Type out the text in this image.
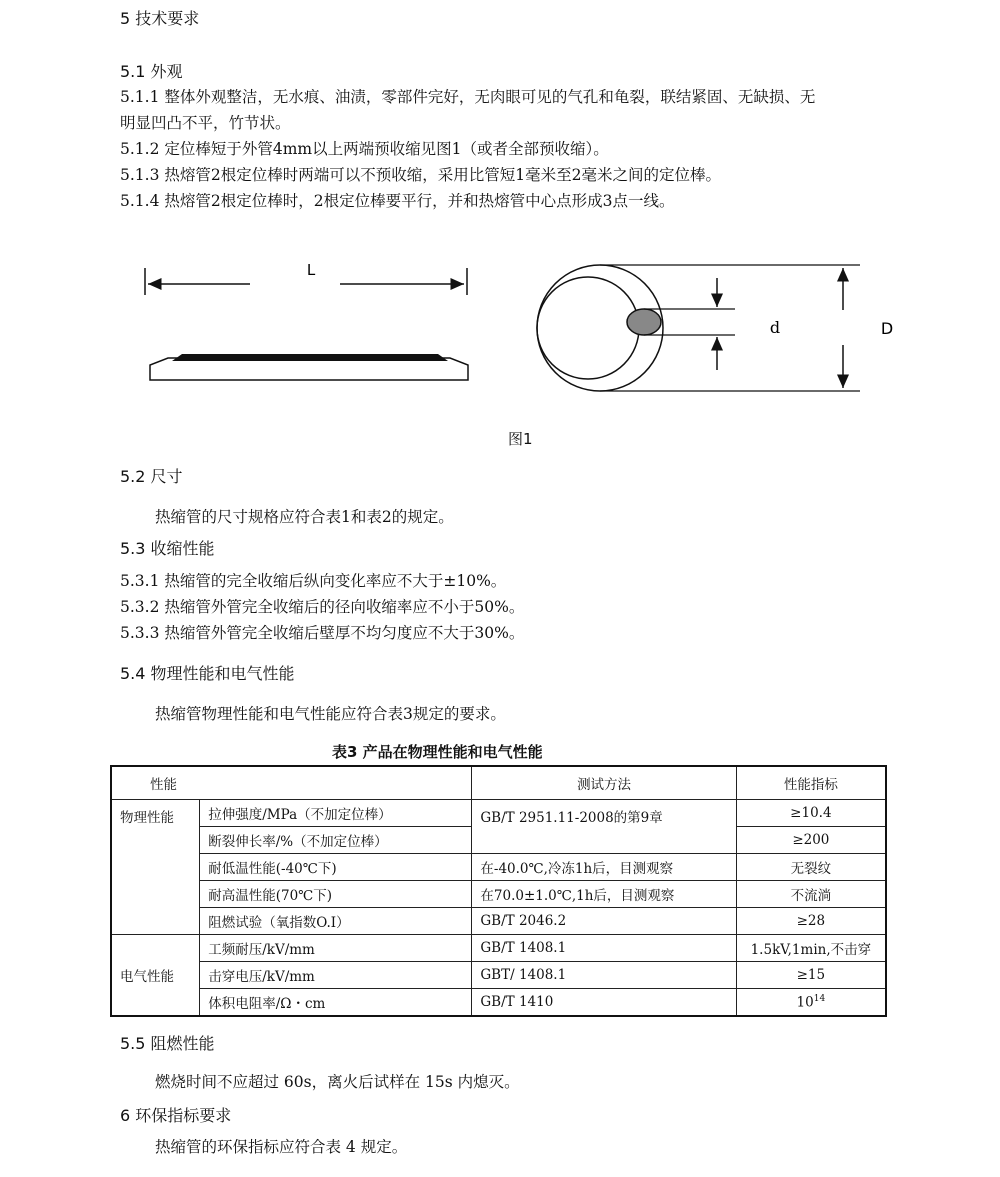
5 技术要求
5.1 外观
5.1.1 整体外观整洁，无水痕、油渍，零部件完好，无肉眼可见的气孔和龟裂，联结紧固、无缺损、无
明显凹凸不平，竹节状。
5.1.2 定位棒短于外管4mm以上两端预收缩见图1（或者全部预收缩）。
5.1.3 热熔管2根定位棒时两端可以不预收缩，采用比管短1毫米至2毫米之间的定位棒。
5.1.4 热熔管2根定位棒时，2根定位棒要平行，并和热熔管中心点形成3点一线。
L
d	D
图1
5.2 尺寸
热缩管的尺寸规格应符合表1和表2的规定。
5.3 收缩性能
5.3.1 热缩管的完全收缩后纵向变化率应不大于±10%。
5.3.2 热缩管外管完全收缩后的径向收缩率应不小于50%。
5.3.3 热缩管外管完全收缩后壁厚不均匀度应不大于30%。
5.4 物理性能和电气性能
热缩管物理性能和电气性能应符合表3规定的要求。
表3 产品在物理性能和电气性能
性能		测试方法	性能指标
物理性能	拉伸强度/MPa（不加定位棒）	GB/T 2951.11-2008的第9章	≥10.4
	断裂伸长率/%（不加定位棒）		≥200
	耐低温性能(-40℃下)	在-40.0℃,冷冻1h后，目测观察	无裂纹
	耐高温性能(70℃下)	在70.0±1.0℃,1h后，目测观察	不流淌
	阻燃试验（氧指数O.I）	GB/T 2046.2	≥28
电气性能	工频耐压/kV/mm	GB/T 1408.1	1.5kV,1min,不击穿
	击穿电压/kV/mm	GBT/ 1408.1	≥15
	体积电阻率/Ω・cm	GB/T 1410	$10^{14}$
5.5 阻燃性能
燃烧时间不应超过 60s，离火后试样在 15s 内熄灭。
6 环保指标要求
热缩管的环保指标应符合表 4 规定。
